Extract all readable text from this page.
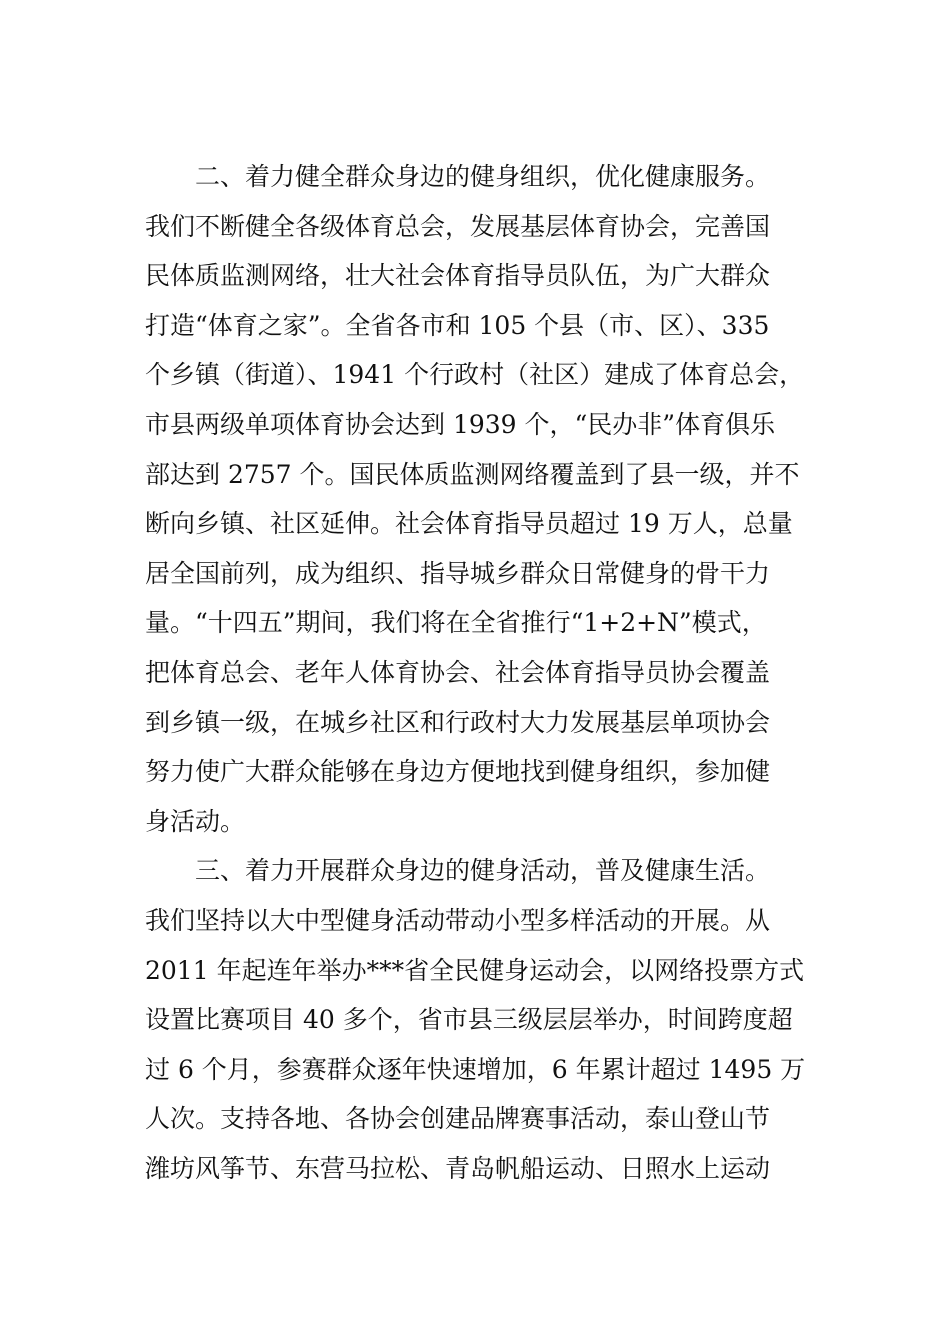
二、着力健全群众身边的健身组织，优化健康服务。
我们不断健全各级体育总会，发展基层体育协会，完善国
民体质监测网络，壮大社会体育指导员队伍，为广大群众
打造“体育之家”。全省各市和 105 个县（市、区）、335
个乡镇（街道）、1941 个行政村（社区）建成了体育总会，
市县两级单项体育协会达到 1939 个，“民办非”体育俱乐
部达到 2757 个。国民体质监测网络覆盖到了县一级，并不
断向乡镇、社区延伸。社会体育指导员超过 19 万人，总量
居全国前列，成为组织、指导城乡群众日常健身的骨干力
量。“十四五”期间，我们将在全省推行“1+2+N”模式，
把体育总会、老年人体育协会、社会体育指导员协会覆盖
到乡镇一级，在城乡社区和行政村大力发展基层单项协会
努力使广大群众能够在身边方便地找到健身组织，参加健
身活动。
三、着力开展群众身边的健身活动，普及健康生活。
我们坚持以大中型健身活动带动小型多样活动的开展。从
2011 年起连年举办***省全民健身运动会，以网络投票方式
设置比赛项目 40 多个，省市县三级层层举办，时间跨度超
过 6 个月，参赛群众逐年快速增加，6 年累计超过 1495 万
人次。支持各地、各协会创建品牌赛事活动，泰山登山节
潍坊风筝节、东营马拉松、青岛帆船运动、日照水上运动
